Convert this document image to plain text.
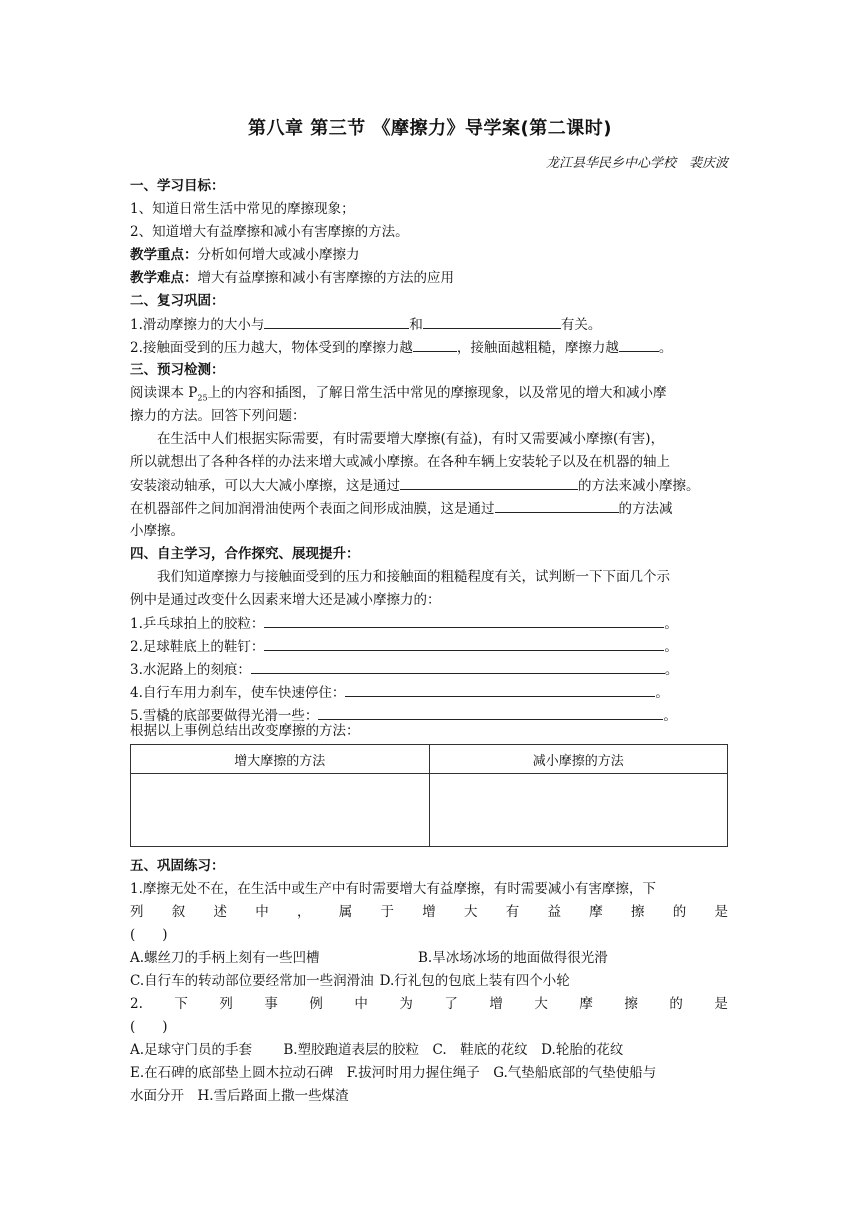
第八章 第三节 《摩擦力》导学案(第二课时)
龙江县华民乡中心学校　裴庆波
一、学习目标：
1、知道日常生活中常见的摩擦现象；
2、知道增大有益摩擦和减小有害摩擦的方法。
教学重点：分析如何增大或减小摩擦力
教学难点：增大有益摩擦和减小有害摩擦的方法的应用
二、复习巩固：
1.滑动摩擦力的大小与	和	有关。
2.接触面受到的压力越大，物体受到的摩擦力越	，接触面越粗糙，摩擦力越	。
三、预习检测：
阅读课本 $P_{25}$上的内容和插图，了解日常生活中常见的摩擦现象，以及常见的增大和减小摩
擦力的方法。回答下列问题：
在生活中人们根据实际需要，有时需要增大摩擦(有益)，有时又需要减小摩擦(有害)，
所以就想出了各种各样的办法来增大或减小摩擦。在各种车辆上安装轮子以及在机器的轴上
安装滚动轴承，可以大大减小摩擦，这是通过	的方法来减小摩擦。
在机器部件之间加润滑油使两个表面之间形成油膜，这是通过	的方法减
小摩擦。
四、自主学习，合作探究、展现提升：
我们知道摩擦力与接触面受到的压力和接触面的粗糙程度有关，试判断一下下面几个示
例中是通过改变什么因素来增大还是减小摩擦力的：
1.乒乓球拍上的胶粒：	。
2.足球鞋底上的鞋钉：	。
3.水泥路上的刻痕：	。
4.自行车用力刹车，使车快速停住：	。
5.雪橇的底部要做得光滑一些：	。
根据以上事例总结出改变摩擦的方法：
增大摩擦的方法	减小摩擦的方法

五、巩固练习：
1.摩擦无处不在，在生活中或生产中有时需要增大有益摩擦，有时需要减小有害摩擦，下
列 叙 述 中 ， 属 于 增 大 有 益 摩 擦 的 是
(　　)
A.螺丝刀的手柄上刻有一些凹槽	B.旱冰场冰场的地面做得很光滑
C.自行车的转动部位要经常加一些润滑油 D.行礼包的包底上装有四个小轮
2. 下 列 事 例 中 为 了 增 大 摩 擦 的 是
(　　)
A.足球守门员的手套　　 B.塑胶跑道表层的胶粒　C.　鞋底的花纹　D.轮胎的花纹
E.在石碑的底部垫上圆木拉动石碑　F.拔河时用力握住绳子　G.气垫船底部的气垫使船与
水面分开　H.雪后路面上撒一些煤渣
